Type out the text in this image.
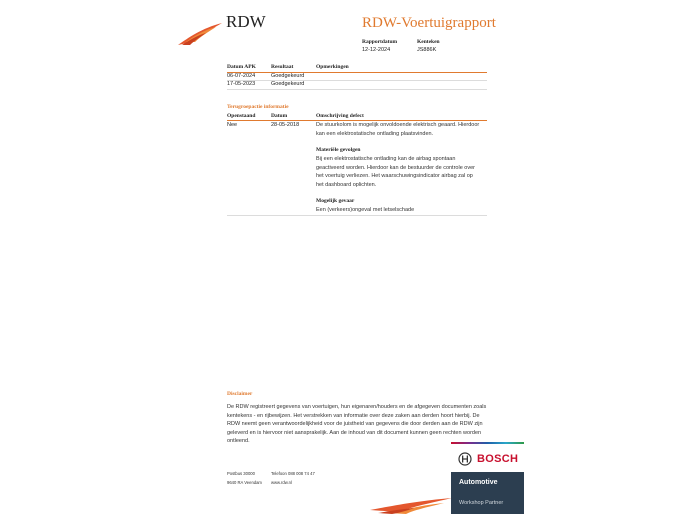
RDW	RDW-Voertuigrapport
Rapportdatum
12-12-2024
Kenteken
JS886K
Datum APK	Resultaat	Opmerkingen
06-07-2024	Goedgekeurd
17-05-2023	Goedgekeurd
Terugroepactie informatie
Openstaand	Datum	Omschrijving defect
Nee	28-05-2018	De stuurkolom is mogelijk onvoldoende elektrisch geaard. Hierdoor
kan een elektrostatische ontlading plaatsvinden.
Materiële gevolgen
Bij een elektrostatische ontlading kan de airbag spontaan
geactiveerd worden. Hierdoor kan de bestuurder de controle over
het voertuig verliezen. Het waarschuwingsindicator airbag zal op
het dashboard oplichten.
Mogelijk gevaar
Een (verkeers)ongeval met letselschade
Disclaimer
De RDW registreert gegevens van voertuigen, hun eigenaren/houders en de afgegeven documenten zoals
kentekens - en rijbewijzen. Het verstrekken van informatie over deze zaken aan derden hoort hierbij. De
RDW neemt geen verantwoordelijkheid voor de juistheid van gegevens die door derden aan de RDW zijn
geleverd en is hiervoor niet aansprakelijk. Aan de inhoud van dit document kunnen geen rechten worden
ontleend.
Postbus 30000
9640 RA Veendam
Telefoon 088 008 74 47
www.rdw.nl
BOSCH
Automotive
Workshop Partner
